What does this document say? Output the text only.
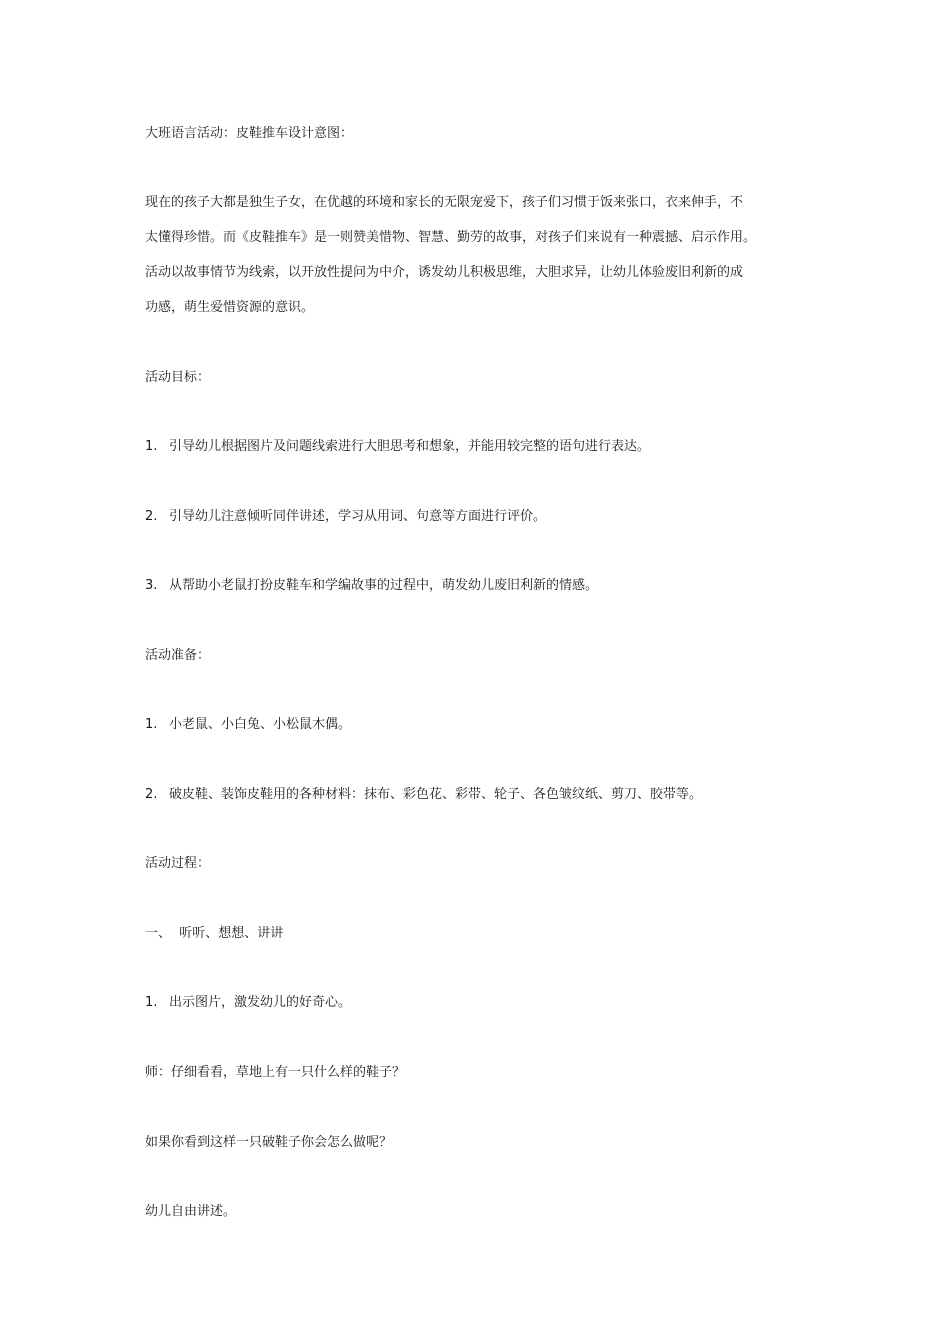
大班语言活动：皮鞋推车设计意图：
现在的孩子大都是独生子女，在优越的环境和家长的无限宠爱下，孩子们习惯于饭来张口，衣来伸手，不
太懂得珍惜。而《皮鞋推车》是一则赞美惜物、智慧、勤劳的故事，对孩子们来说有一种震撼、启示作用。
活动以故事情节为线索，以开放性提问为中介，诱发幼儿积极思维，大胆求异，让幼儿体验废旧利新的成
功感，萌生爱惜资源的意识。
活动目标：
1. 引导幼儿根据图片及问题线索进行大胆思考和想象，并能用较完整的语句进行表达。
2. 引导幼儿注意倾听同伴讲述，学习从用词、句意等方面进行评价。
3. 从帮助小老鼠打扮皮鞋车和学编故事的过程中，萌发幼儿废旧利新的情感。
活动准备：
1. 小老鼠、小白兔、小松鼠木偶。
2. 破皮鞋、装饰皮鞋用的各种材料：抹布、彩色花、彩带、轮子、各色皱纹纸、剪刀、胶带等。
活动过程：
一、  听听、想想、讲讲
1. 出示图片，激发幼儿的好奇心。
师：仔细看看，草地上有一只什么样的鞋子？
如果你看到这样一只破鞋子你会怎么做呢？
幼儿自由讲述。
